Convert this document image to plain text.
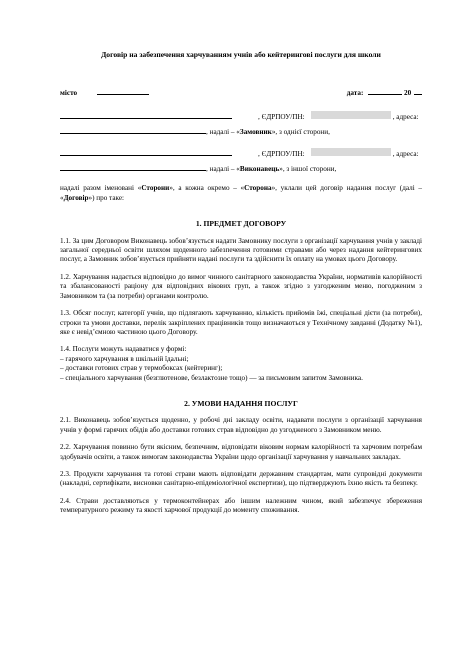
Договір на забезпечення харчуванням учнів або кейтерингові послуги для школи
місто	дата:	20
, ЄДРПОУ/ПН:	, адреса:
, надалі – « Замовник », з однієї сторони,
, ЄДРПОУ/ПН:	, адреса:
, надалі – « Виконавець », з іншої сторони,

надалі разом іменовані «Сторони», а кожна окремо – «Сторона», уклали цей договір надання послуг (далі – «Договір») про таке:

1. ПРЕДМЕТ ДОГОВОРУ

1.1. За цим Договором Виконавець зобов’язується надати Замовнику послуги з організації харчування учнів у закладі загальної середньої освіти шляхом щоденного забезпечення готовими стравами або через надання кейтерингових послуг, а Замовник зобов’язується прийняти надані послуги та здійснити їх оплату на умовах цього Договору.

1.2. Харчування надається відповідно до вимог чинного санітарного законодавства України, нормативів калорійності та збалансованості раціону для відповідних вікових груп, а також згідно з узгодженим меню, погодженим з Замовником та (за потреби) органами контролю.

1.3. Обсяг послуг, категорії учнів, що підлягають харчуванню, кількість прийомів їжі, спеціальні дієти (за потреби), строки та умови доставки, перелік закріплених працівників тощо визначаються у Технічному завданні (Додатку №1), яке є невід’ємною частиною цього Договору.

1.4. Послуги можуть надаватися у формі:

– гарячого харчування в шкільній їдальні;

– доставки готових страв у термобоксах (кейтеринг);

– спеціального харчування (безглютенове, безлактозне тощо) — за письмовим запитом Замовника.

2. УМОВИ НАДАННЯ ПОСЛУГ

2.1. Виконавець зобов’язується щоденно, у робочі дні закладу освіти, надавати послуги з організації харчування учнів у формі гарячих обідів або доставки готових страв відповідно до узгодженого з Замовником меню.

2.2. Харчування повинно бути якісним, безпечним, відповідати віковим нормам калорійності та харчовим потребам здобувачів освіти, а також вимогам законодавства України щодо організації харчування у навчальних закладах.

2.3. Продукти харчування та готові страви мають відповідати державним стандартам, мати супровідні документи (накладні, сертифікати, висновки санітарно-епідеміологічної експертизи), що підтверджують їхню якість та безпеку.

2.4. Страви доставляються у термоконтейнерах або іншим належним чином, який забезпечує збереження температурного режиму та якості харчової продукції до моменту споживання.
